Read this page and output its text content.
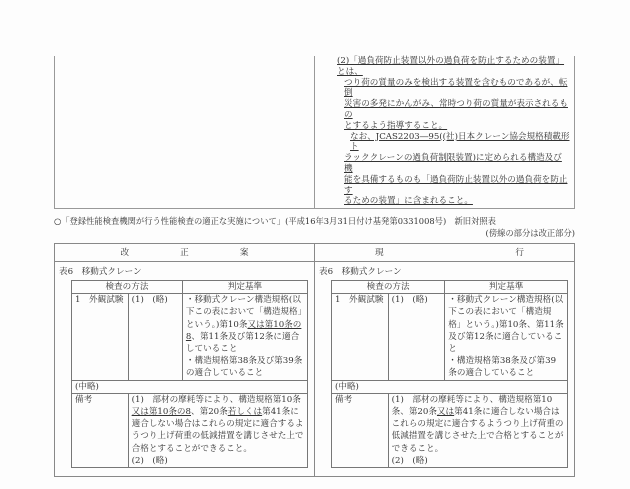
(2)「過負荷防止装置以外の過負荷を防止するための装置」とは、
つり荷の質量のみを検出する装置を含むものであるが、転倒
災害の多発にかんがみ、常時つり荷の質量が表示されるもの
とするよう指導すること。
なお、JCAS2203―95((社)日本クレーン協会規格積載形ト
ラッククレーンの過負荷制限装置)に定められる構造及び機
能を具備するものも「過負荷防止装置以外の過負荷を防止す
るための装置」に含まれること。
○「登録性能検査機関が行う性能検査の適正な実施について」(平成16年3月31日付け基発第0331008号)　新旧対照表
(傍線の部分は改正部分)
改	正	案	現	行

表6　移動式クレーン
検査の方法	判定基準
1　外観試験	(1)　(略)	・移動式クレーン構造規格(以下この表において「構造規格」という。)第10条又は第10条の8、第11条及び第12条に適合していること
・構造規格第38条及び第39条の適合していること
(中略)
備考	(1)　部材の摩耗等により、構造規格第10条又は第10条の8、第20条若しくは第41条に適合しない場合はこれらの規定に適合するようつり上げ荷重の低減措置を講じさせた上で合格とすることができること。
(2)　(略)

表6　移動式クレーン
検査の方法	判定基準
1　外観試験	(1)　(略)	・移動式クレーン構造規格(以下この表において「構造規格」という。)第10条、第11条及び第12条に適合していること
・構造規格第38条及び第39条の適合していること
(中略)
備考	(1)　部材の摩耗等により、構造規格第10条、第20条又は第41条に適合しない場合はこれらの規定に適合するようつり上げ荷重の低減措置を講じさせた上で合格とすることができること。
(2)　(略)
